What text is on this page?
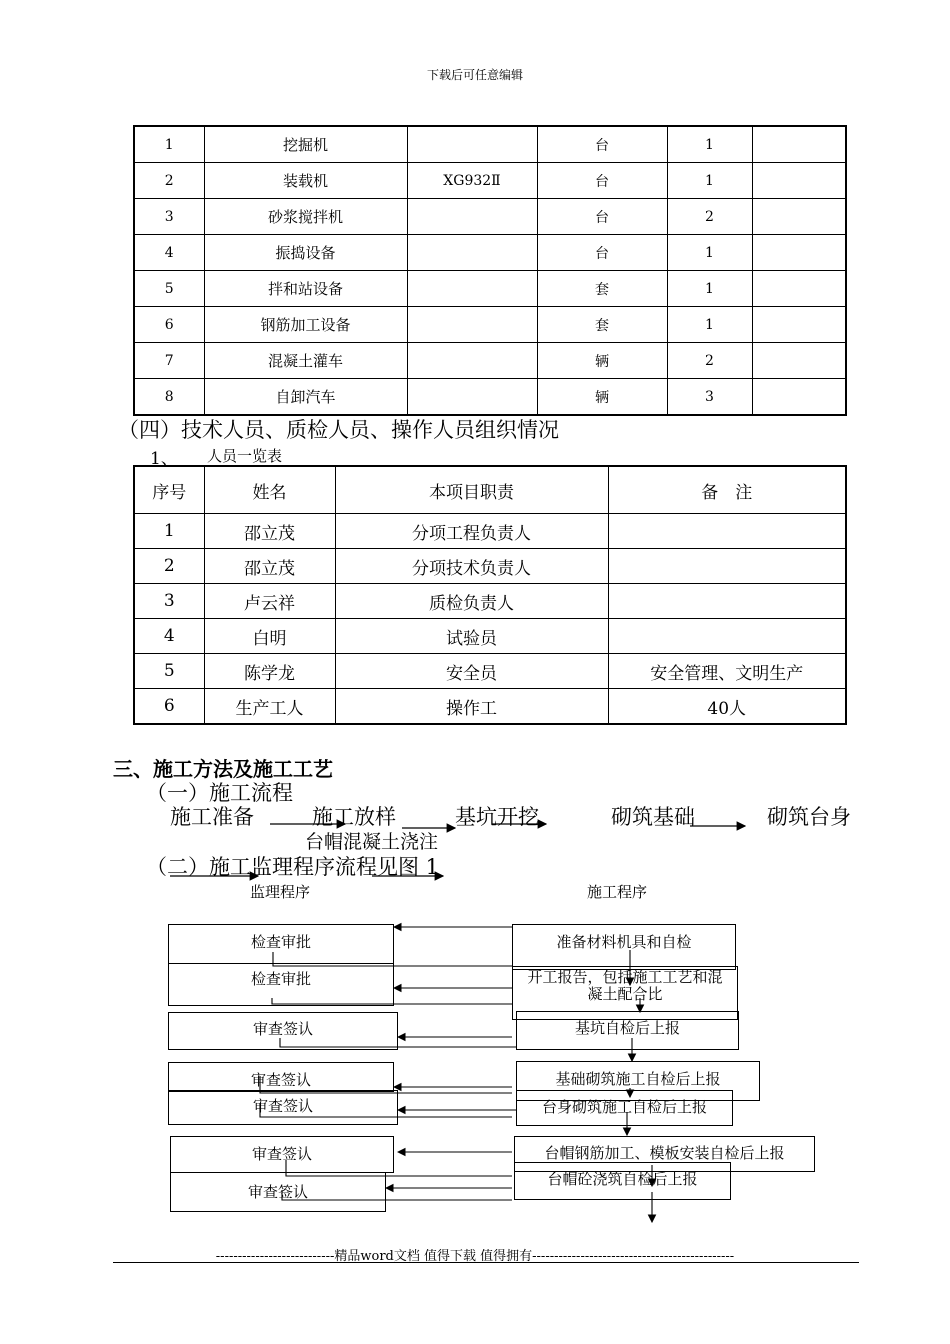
下载后可任意编辑
1	挖掘机		台	1	
2	装载机	XG932Ⅱ	台	1	
3	砂浆搅拌机		台	2	
4	振捣设备		台	1	
5	拌和站设备		套	1	
6	钢筋加工设备		套	1	
7	混凝土灌车		辆	2	
8	自卸汽车		辆	3	
（四）技术人员、质检人员、操作人员组织情况
1、 人员一览表
序号	姓名	本项目职责	备　注
1	邵立茂	分项工程负责人	
2	邵立茂	分项技术负责人	
3	卢云祥	质检负责人	
4	白明	试验员	
5	陈学龙	安全员	安全管理、文明生产
6	生产工人	操作工	40人
三、施工方法及施工工艺
（一）施工流程
施工准备	施工放样	基坑开挖	砌筑基础	砌筑台身
台帽混凝土浇注
（二）施工监理程序流程见图 1
监理程序	施工程序
检查审批
检查审批
审查签认
审查签认
审查签认
审查签认
审查签认
准备材料机具和自检
开工报告，包括施工工艺和混凝土配合比
基坑自检后上报
基础砌筑施工自检后上报
台身砌筑施工自检后上报
台帽钢筋加工、模板安装自检后上报
台帽砼浇筑自检后上报
---------------------------精品word文档 值得下载 值得拥有----------------------------------------------
